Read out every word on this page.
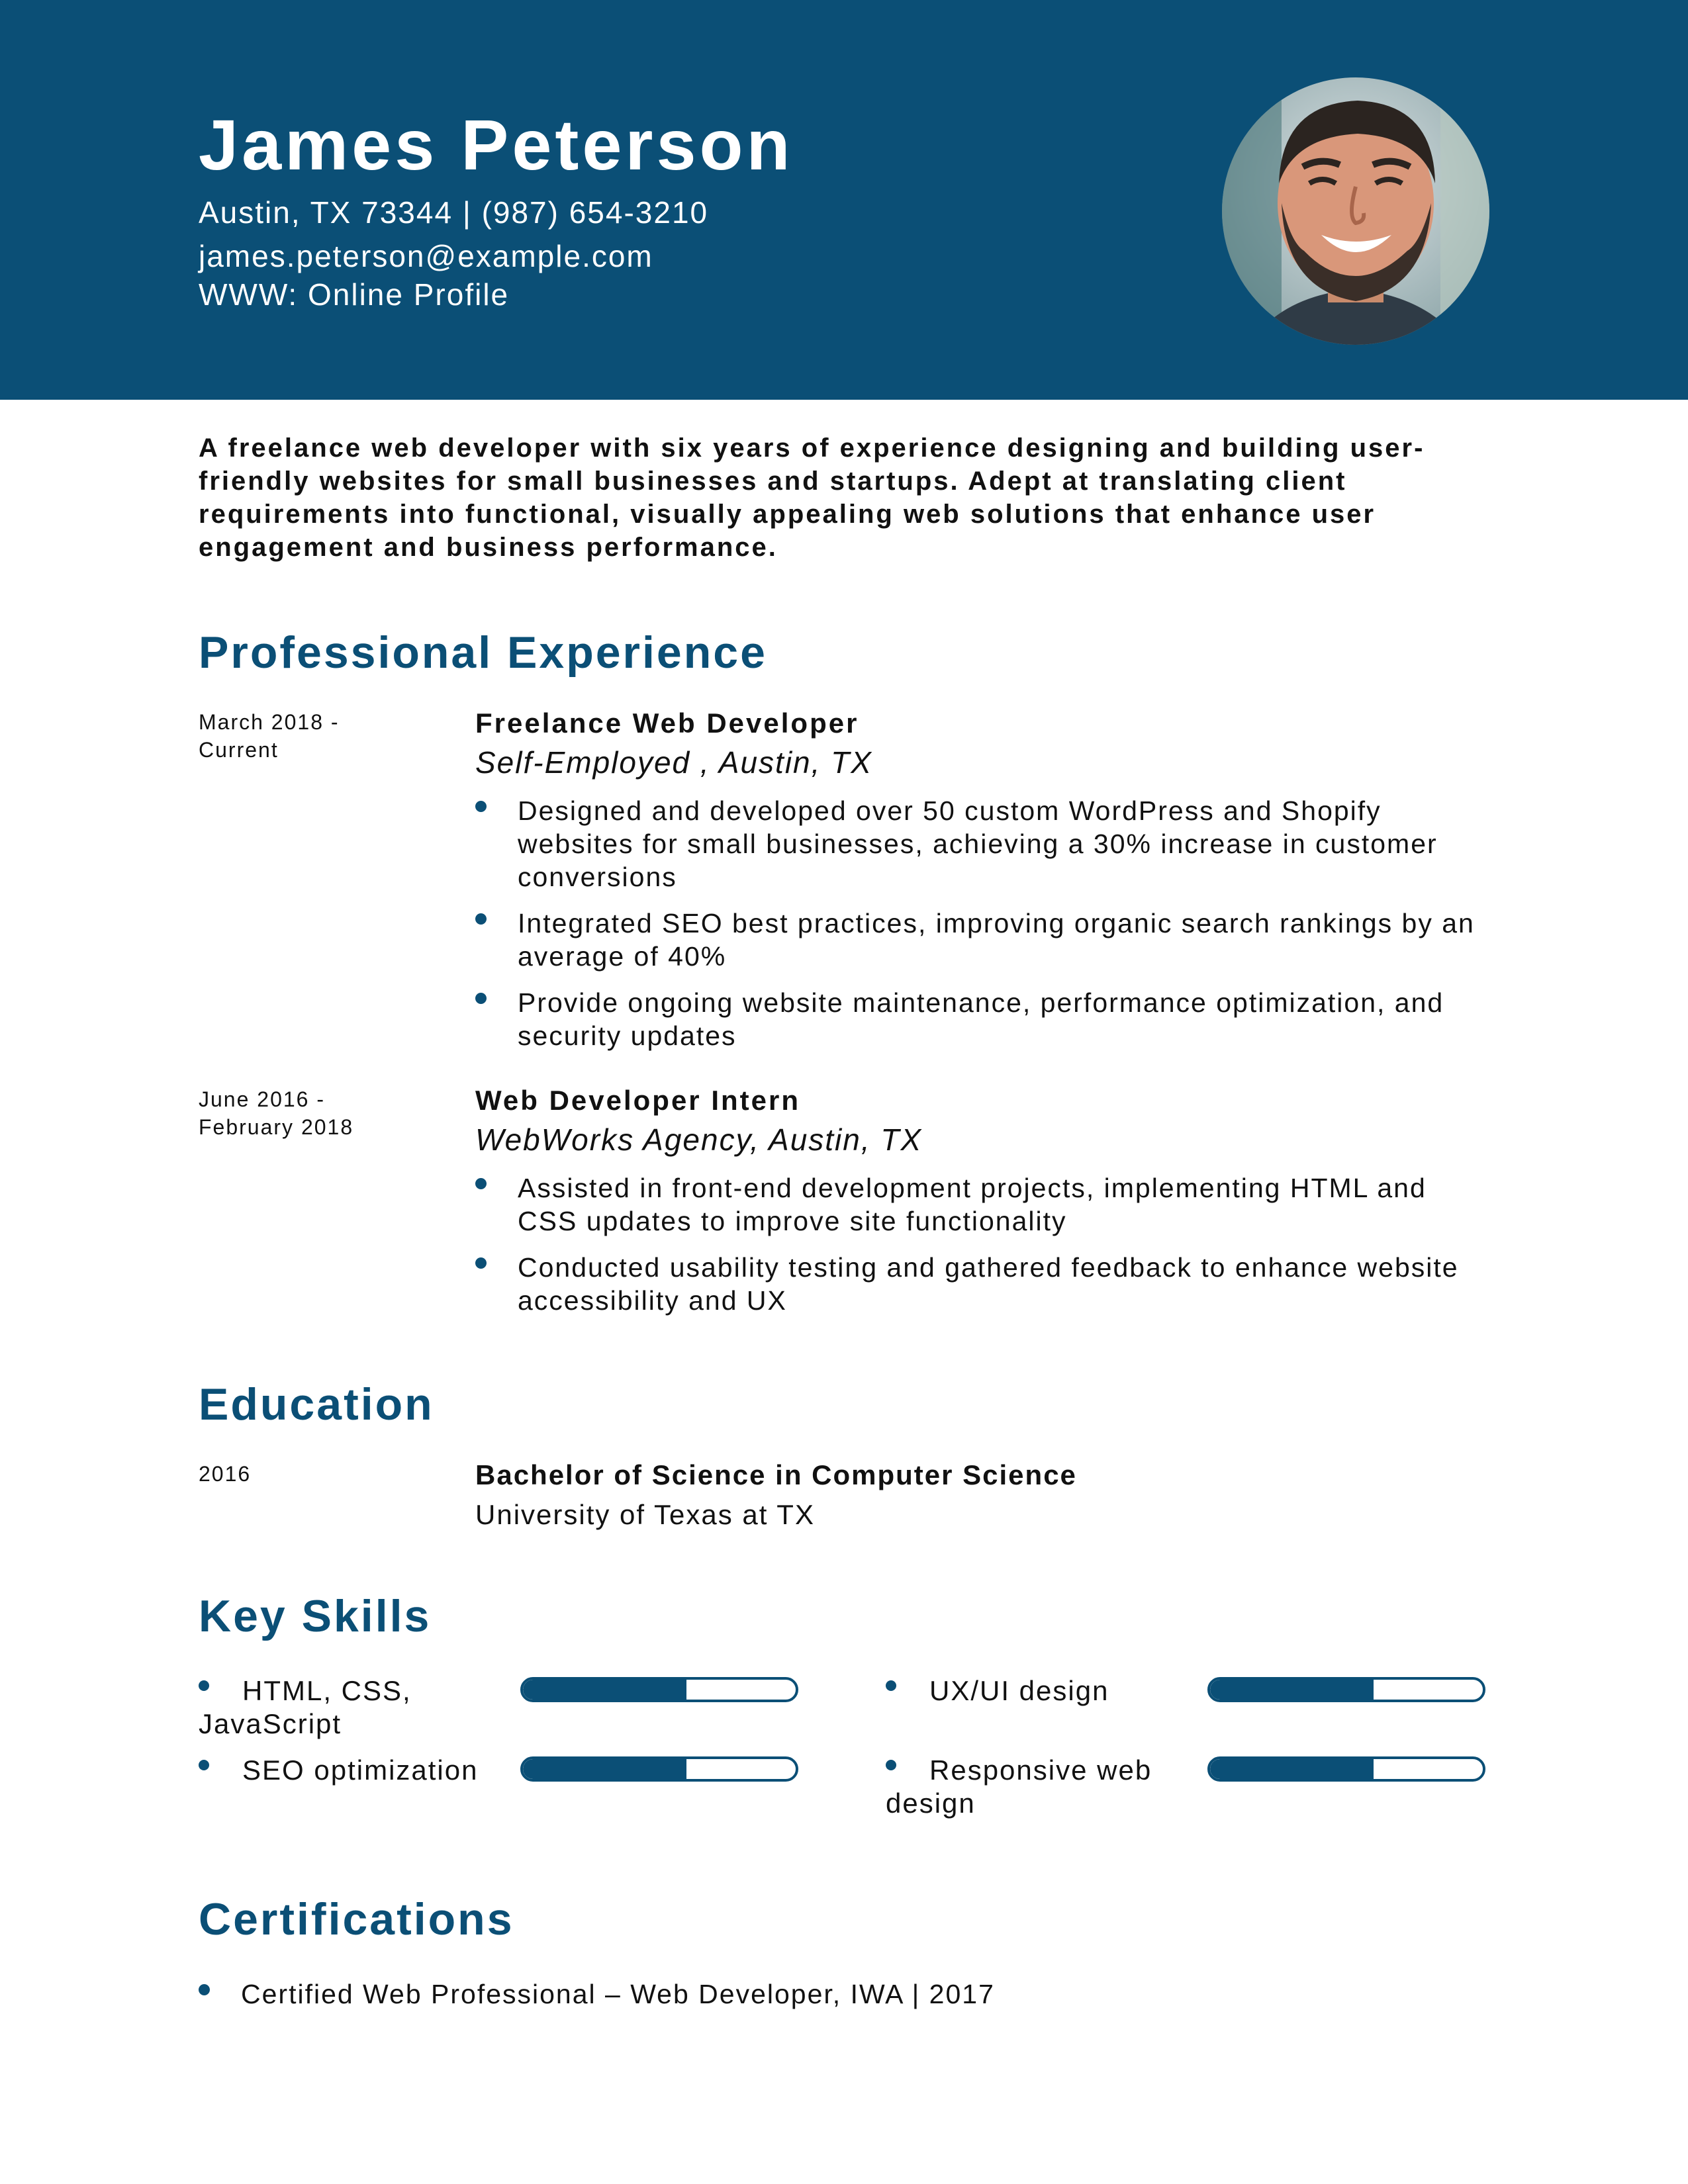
James Peterson
Austin, TX 73344 | (987) 654-3210
james.peterson@example.com
WWW: Online Profile
A freelance web developer with six years of experience designing and building user-friendly websites for small businesses and startups. Adept at translating client requirements into functional, visually appealing web solutions that enhance user engagement and business performance.
Professional Experience
March 2018 - Current
Freelance Web Developer
Self-Employed , Austin, TX
Designed and developed over 50 custom WordPress and Shopify websites for small businesses, achieving a 30% increase in customer conversions
Integrated SEO best practices, improving organic search rankings by an average of 40%
Provide ongoing website maintenance, performance optimization, and security updates
June 2016 - February 2018
Web Developer Intern
WebWorks Agency, Austin, TX
Assisted in front-end development projects, implementing HTML and CSS updates to improve site functionality
Conducted usability testing and gathered feedback to enhance website accessibility and UX
Education
2016	Bachelor of Science in Computer Science
University of Texas at TX
Key Skills
HTML, CSS, JavaScript
UX/UI design
SEO optimization	Responsive web design
Certifications
Certified Web Professional – Web Developer, IWA | 2017
